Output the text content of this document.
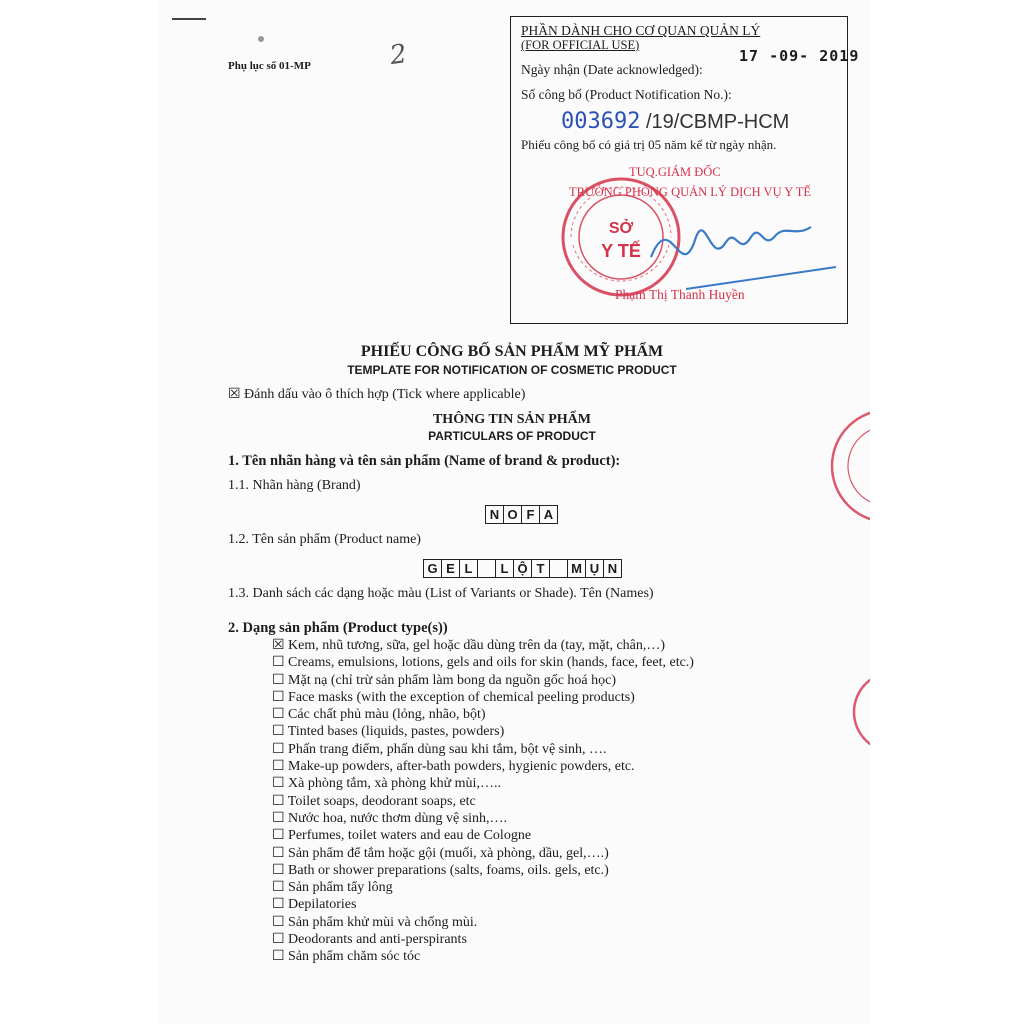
Phụ lục số 01-MP	2
PHẦN DÀNH CHO CƠ QUAN QUẢN LÝ
(FOR OFFICIAL USE)
17 -09- 2019
Ngày nhận (Date acknowledged):
Số công bố (Product Notification No.):
003692 /19/CBMP-HCM
Phiếu công bố có giá trị 05 năm kể từ ngày nhận.
TUQ.GIÁM ĐỐC
TRƯỞNG PHÒNG QUẢN LÝ DỊCH VỤ Y TẾ
SỞ
Y TẾ
Phạm Thị Thanh Huyền
PHIẾU CÔNG BỐ SẢN PHẨM MỸ PHẨM
TEMPLATE FOR NOTIFICATION OF COSMETIC PRODUCT
☒ Đánh dấu vào ô thích hợp (Tick where applicable)
THÔNG TIN SẢN PHẨM
PARTICULARS OF PRODUCT
1. Tên nhãn hàng và tên sản phẩm (Name of brand & product):
1.1. Nhãn hàng (Brand)
N O F A
1.2. Tên sản phẩm (Product name)
G E L	L Ộ T	M Ụ N
1.3. Danh sách các dạng hoặc màu (List of Variants or Shade). Tên (Names)
2. Dạng sản phẩm (Product type(s))
☒ Kem, nhũ tương, sữa, gel hoặc dầu dùng trên da (tay, mặt, chân,…)
☐ Creams, emulsions, lotions, gels and oils for skin (hands, face, feet, etc.)
☐ Mặt nạ (chỉ trừ sản phẩm làm bong da nguồn gốc hoá học)
☐ Face masks (with the exception of chemical peeling products)
☐ Các chất phủ màu (lỏng, nhão, bột)
☐ Tinted bases (liquids, pastes, powders)
☐ Phấn trang điểm, phấn dùng sau khi tắm, bột vệ sinh, ….
☐ Make-up powders, after-bath powders, hygienic powders, etc.
☐ Xà phòng tắm, xà phòng khử mùi,…..
☐ Toilet soaps, deodorant soaps, etc
☐ Nước hoa, nước thơm dùng vệ sinh,….
☐ Perfumes, toilet waters and eau de Cologne
☐ Sản phẩm để tắm hoặc gội (muối, xà phòng, dầu, gel,….)
☐ Bath or shower preparations (salts, foams, oils. gels, etc.)
☐ Sản phẩm tẩy lông
☐ Depilatories
☐ Sản phẩm khử mùi và chống mùi.
☐ Deodorants and anti-perspirants
☐ Sản phẩm chăm sóc tóc
